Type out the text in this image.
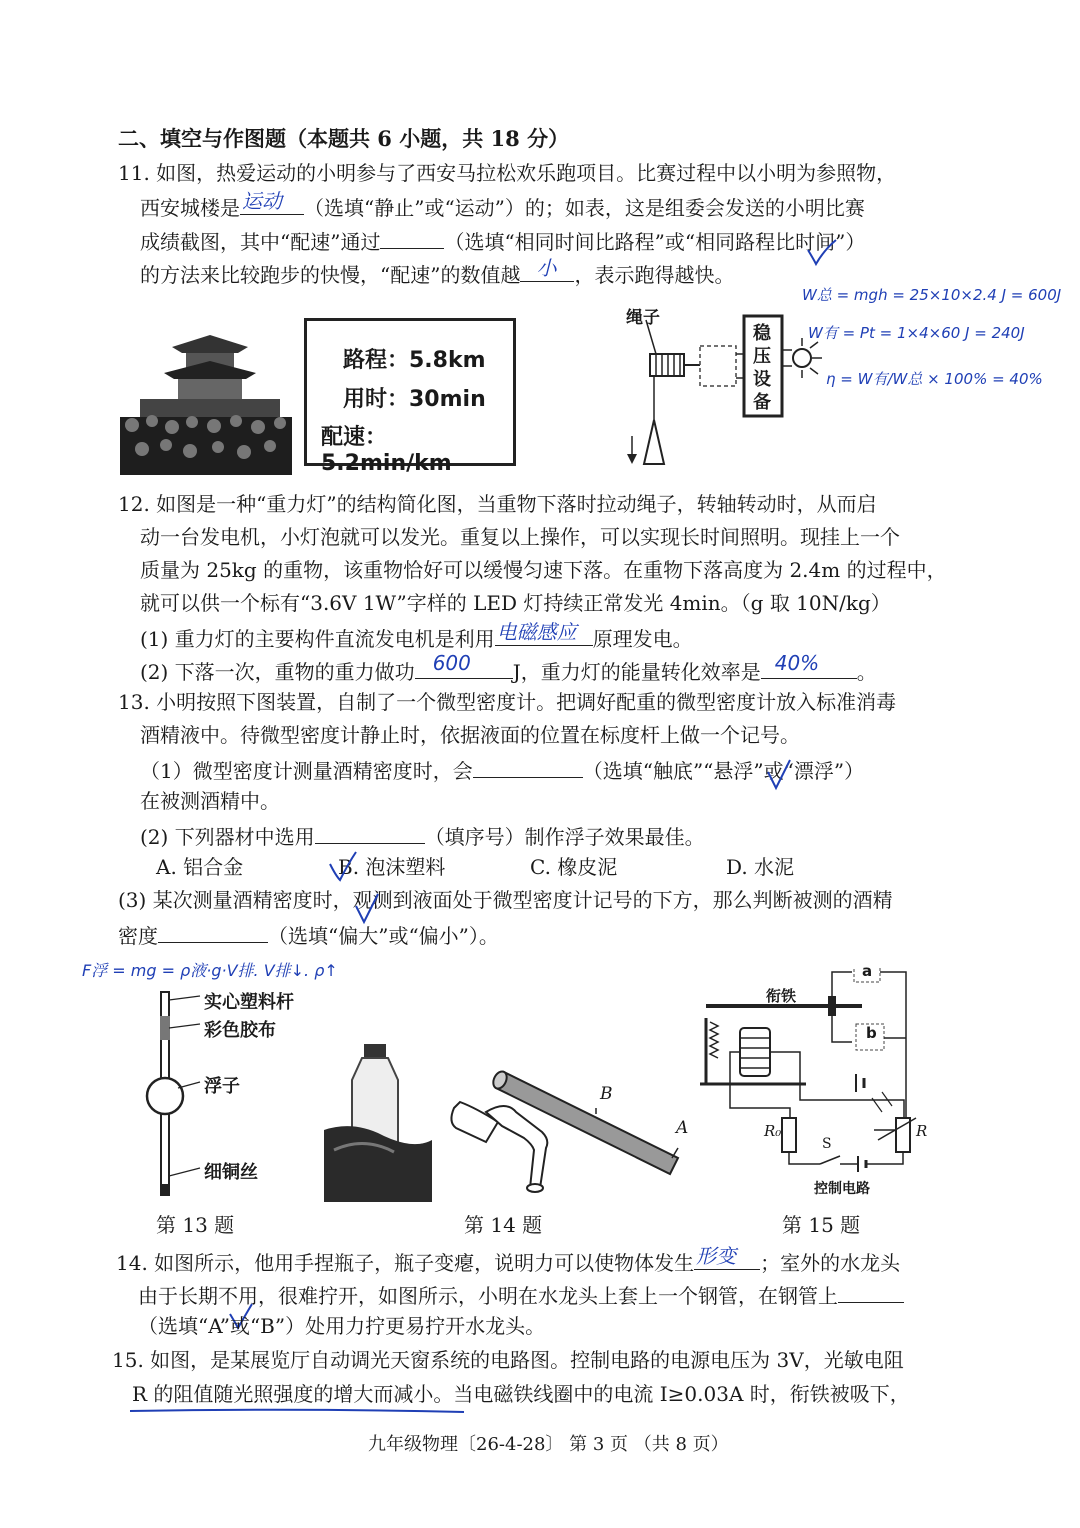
二、填空与作图题（本题共 6 小题，共 18 分）
11. 如图，热爱运动的小明参与了西安马拉松欢乐跑项目。比赛过程中以小明为参照物，
西安城楼是 运动 （选填“静止”或“运动”）的；如表，这是组委会发送的小明比赛
成绩截图，其中“配速”通过	（选填“相同时间比路程”或“相同路程比时间”）
的方法来比较跑步的快慢，“配速”的数值越 小 ，表示跑得越快。
路程：5.8km
用时：30min
配速：5.2min/km
绳子
稳压设备
W总 = mgh = 25×10×2.4 J = 600J
W有 = Pt = 1×4×60 J = 240J
η = W有/W总 × 100% = 40%
12. 如图是一种“重力灯”的结构简化图，当重物下落时拉动绳子，转轴转动时，从而启
动一台发电机，小灯泡就可以发光。重复以上操作，可以实现长时间照明。现挂上一个
质量为 25kg 的重物，该重物恰好可以缓慢匀速下落。在重物下落高度为 2.4m 的过程中，
就可以供一个标有“3.6V 1W”字样的 LED 灯持续正常发光 4min。（g 取 10N/kg）
(1) 重力灯的主要构件直流发电机是利用 电磁感应 原理发电。
(2) 下落一次，重物的重力做功 600 J，重力灯的能量转化效率是 40% 。
13. 小明按照下图装置，自制了一个微型密度计。把调好配重的微型密度计放入标准消毒
酒精液中。待微型密度计静止时，依据液面的位置在标度杆上做一个记号。
（1）微型密度计测量酒精密度时，会	（选填“触底”“悬浮”或“漂浮”）
在被测酒精中。
(2) 下列器材中选用	（填序号）制作浮子效果最佳。
A. 铝合金	B. 泡沫塑料	C. 橡皮泥	D. 水泥
(3) 某次测量酒精密度时，观测到液面处于微型密度计记号的下方，那么判断被测的酒精
密度	（选填“偏大”或“偏小”）。
F浮 = mg = ρ液·g·V排. V排↓. ρ↑
实心塑料杆
彩色胶布
浮子
细铜丝
B
A
衔铁
a
b
R₀
S
R
控制电路
第 13 题	第 14 题	第 15 题
14. 如图所示，他用手捏瓶子，瓶子变瘪，说明力可以使物体发生 形变 ；室外的水龙头
由于长期不用，很难拧开，如图所示，小明在水龙头上套上一个钢管，在钢管上
（选填“A”或“B”）处用力拧更易拧开水龙头。
15. 如图，是某展览厅自动调光天窗系统的电路图。控制电路的电源电压为 3V，光敏电阻
R 的阻值随光照强度的增大而减小。当电磁铁线圈中的电流 I≥0.03A 时，衔铁被吸下，
九年级物理〔26-4-28〕 第 3 页 （共 8 页）
